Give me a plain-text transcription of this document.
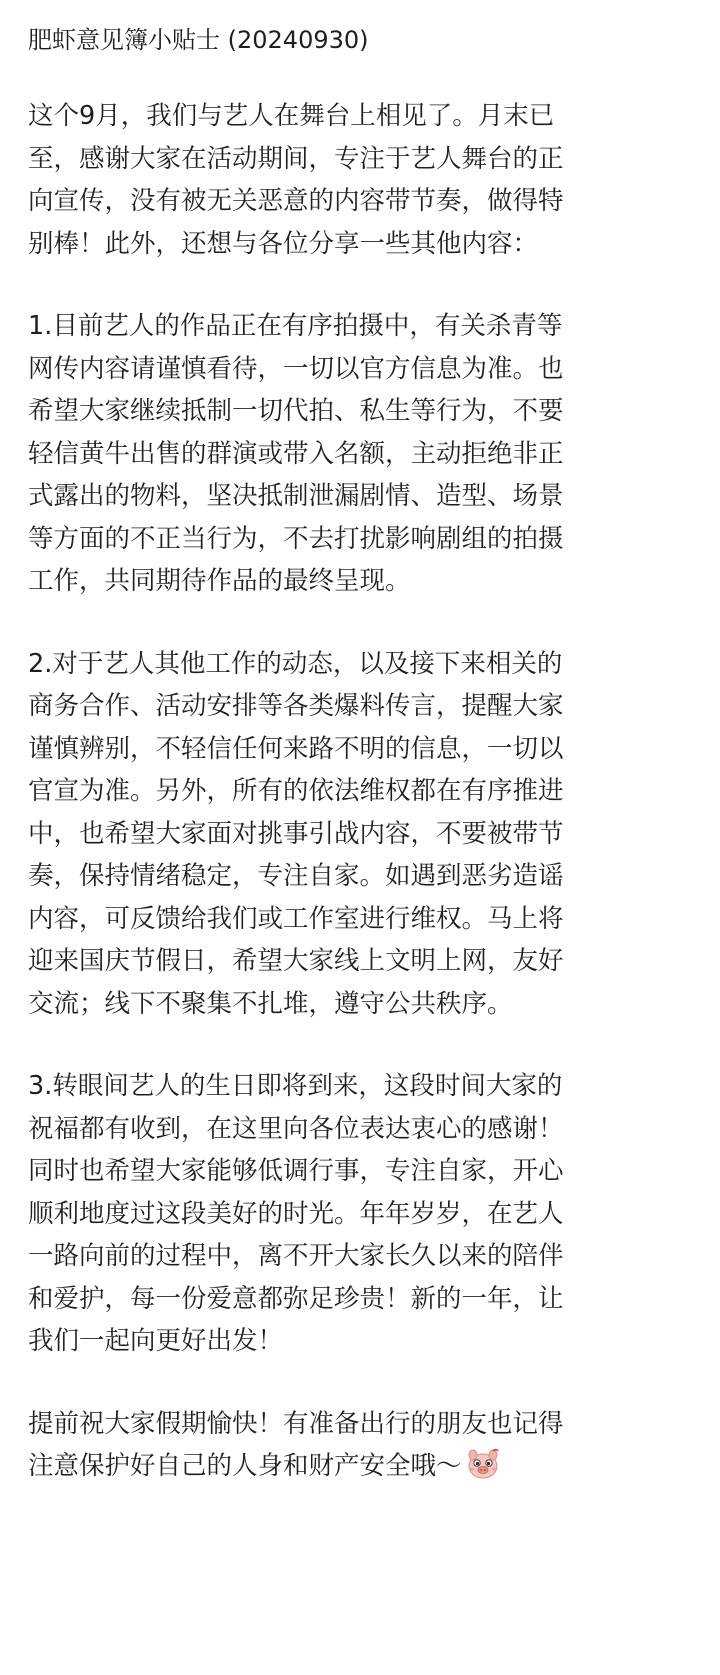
肥虾意见簿小贴士 (20240930)
这个9月，我们与艺人在舞台上相见了。月末已
至，感谢大家在活动期间，专注于艺人舞台的正
向宣传，没有被无关恶意的内容带节奏，做得特
别棒！此外，还想与各位分享一些其他内容：
1.目前艺人的作品正在有序拍摄中，有关杀青等
网传内容请谨慎看待，一切以官方信息为准。也
希望大家继续抵制一切代拍、私生等行为，不要
轻信黄牛出售的群演或带入名额，主动拒绝非正
式露出的物料，坚决抵制泄漏剧情、造型、场景
等方面的不正当行为，不去打扰影响剧组的拍摄
工作，共同期待作品的最终呈现。
2.对于艺人其他工作的动态，以及接下来相关的
商务合作、活动安排等各类爆料传言，提醒大家
谨慎辨别，不轻信任何来路不明的信息，一切以
官宣为准。另外，所有的依法维权都在有序推进
中，也希望大家面对挑事引战内容，不要被带节
奏，保持情绪稳定，专注自家。如遇到恶劣造谣
内容，可反馈给我们或工作室进行维权。马上将
迎来国庆节假日，希望大家线上文明上网，友好
交流；线下不聚集不扎堆，遵守公共秩序。
3.转眼间艺人的生日即将到来，这段时间大家的
祝福都有收到，在这里向各位表达衷心的感谢！
同时也希望大家能够低调行事，专注自家，开心
顺利地度过这段美好的时光。年年岁岁，在艺人
一路向前的过程中，离不开大家长久以来的陪伴
和爱护，每一份爱意都弥足珍贵！新的一年，让
我们一起向更好出发！
提前祝大家假期愉快！有准备出行的朋友也记得
注意保护好自己的人身和财产安全哦～
